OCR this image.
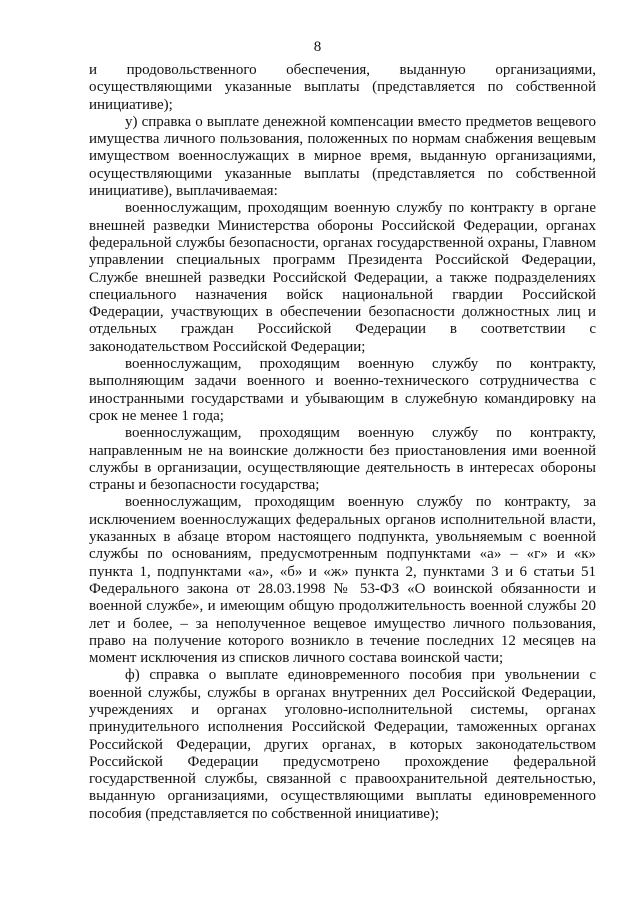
8

и продовольственного обеспечения, выданную организациями, осуществляющими указанные выплаты (представляется по собственной инициативе);

у) справка о выплате денежной компенсации вместо предметов вещевого имущества личного пользования, положенных по нормам снабжения вещевым имуществом военнослужащих в мирное время, выданную организациями, осуществляющими указанные выплаты (представляется по собственной инициативе), выплачиваемая:

военнослужащим, проходящим военную службу по контракту в органе внешней разведки Министерства обороны Российской Федерации, органах федеральной службы безопасности, органах государственной охраны, Главном управлении специальных программ Президента Российской Федерации, Службе внешней разведки Российской Федерации, а также подразделениях специального назначения войск национальной гвардии Российской Федерации, участвующих в обеспечении безопасности должностных лиц и отдельных граждан Российской Федерации в соответствии с законодательством Российской Федерации;

военнослужащим, проходящим военную службу по контракту, выполняющим задачи военного и военно-технического сотрудничества с иностранными государствами и убывающим в служебную командировку на срок не менее 1 года;

военнослужащим, проходящим военную службу по контракту, направленным не на воинские должности без приостановления ими военной службы в организации, осуществляющие деятельность в интересах обороны страны и безопасности государства;

военнослужащим, проходящим военную службу по контракту, за исключением военнослужащих федеральных органов исполнительной власти, указанных в абзаце втором настоящего подпункта, увольняемым с военной службы по основаниям, предусмотренным подпунктами «а» – «г» и «к» пункта 1, подпунктами «а», «б» и «ж» пункта 2, пунктами 3 и 6 статьи 51 Федерального закона от 28.03.1998 № 53-ФЗ «О воинской обязанности и военной службе», и имеющим общую продолжительность военной службы 20 лет и более, – за неполученное вещевое имущество личного пользования, право на получение которого возникло в течение последних 12 месяцев на момент исключения из списков личного состава воинской части;

ф) справка о выплате единовременного пособия при увольнении с военной службы, службы в органах внутренних дел Российской Федерации, учреждениях и органах уголовно-исполнительной системы, органах принудительного исполнения Российской Федерации, таможенных органах Российской Федерации, других органах, в которых законодательством Российской Федерации предусмотрено прохождение федеральной государственной службы, связанной с правоохранительной деятельностью, выданную организациями, осуществляющими выплаты единовременного пособия (представляется по собственной инициативе);
